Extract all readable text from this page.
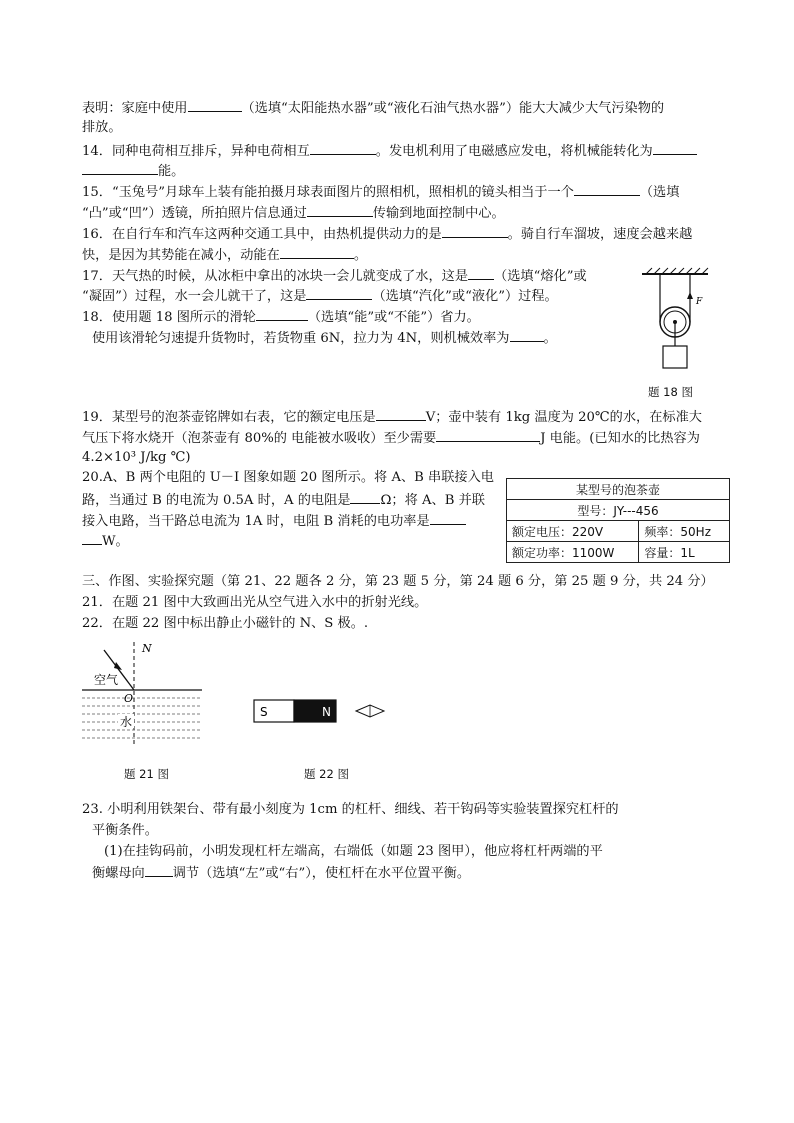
表明：家庭中使用	（选填“太阳能热水器”或“液化石油气热水器”）能大大减少大气污染物的
排放。
14．同种电荷相互排斥，异种电荷相互	。发电机利用了电磁感应发电，将机械能转化为
能。
15．“玉兔号”月球车上装有能拍摄月球表面图片的照相机，照相机的镜头相当于一个	（选填
“凸”或“凹”）透镜，所拍照片信息通过	传输到地面控制中心。
16．在自行车和汽车这两种交通工具中，由热机提供动力的是	。骑自行车溜坡，速度会越来越
快，是因为其势能在减小，动能在	。
17．天气热的时候，从冰柜中拿出的冰块一会儿就变成了水，这是 （选填“熔化”或
“凝固”）过程，水一会儿就干了，这是	（选填“汽化”或“液化”）过程。
18．使用题 18 图所示的滑轮	（选填“能”或“不能”）省力。
使用该滑轮匀速提升货物时，若货物重 6N，拉力为 4N，则机械效率为	。
F
题 18 图
19．某型号的泡茶壶铭牌如右表，它的额定电压是	V；壶中装有 1kg 温度为 20℃的水，在标准大
气压下将水烧开（泡茶壶有 80%的 电能被水吸收）至少需要	J 电能。(已知水的比热容为
4.2×10³ J/kg ℃)
20.A、B 两个电阻的 U－I 图象如题 20 图所示。将 A、B 串联接入电
路，当通过 B 的电流为 0.5A 时，A 的电阻是 Ω；将 A、B 并联
接入电路，当干路总电流为 1A 时，电阻 B 消耗的电功率是
W。
某型号的泡茶壶	
型号：JY---456	
额定电压：220V	频率：50Hz
额定功率：1100W	容量：1L
三、作图、实验探究题（第 21、22 题各 2 分，第 23 题 5 分，第 24 题 6 分，第 25 题 9 分，共 24 分）
21．在题 21 图中大致画出光从空气进入水中的折射光线。
22．在题 22 图中标出静止小磁针的 N、S 极。.
N
空气
O
水
题 21 图
S	N
题 22 图
23. 小明利用铁架台、带有最小刻度为 1cm 的杠杆、细线、若干钩码等实验装置探究杠杆的
平衡条件。
(1)在挂钩码前，小明发现杠杆左端高，右端低（如题 23 图甲），他应将杠杆两端的平
衡螺母向 调节（选填“左”或“右”），使杠杆在水平位置平衡。
